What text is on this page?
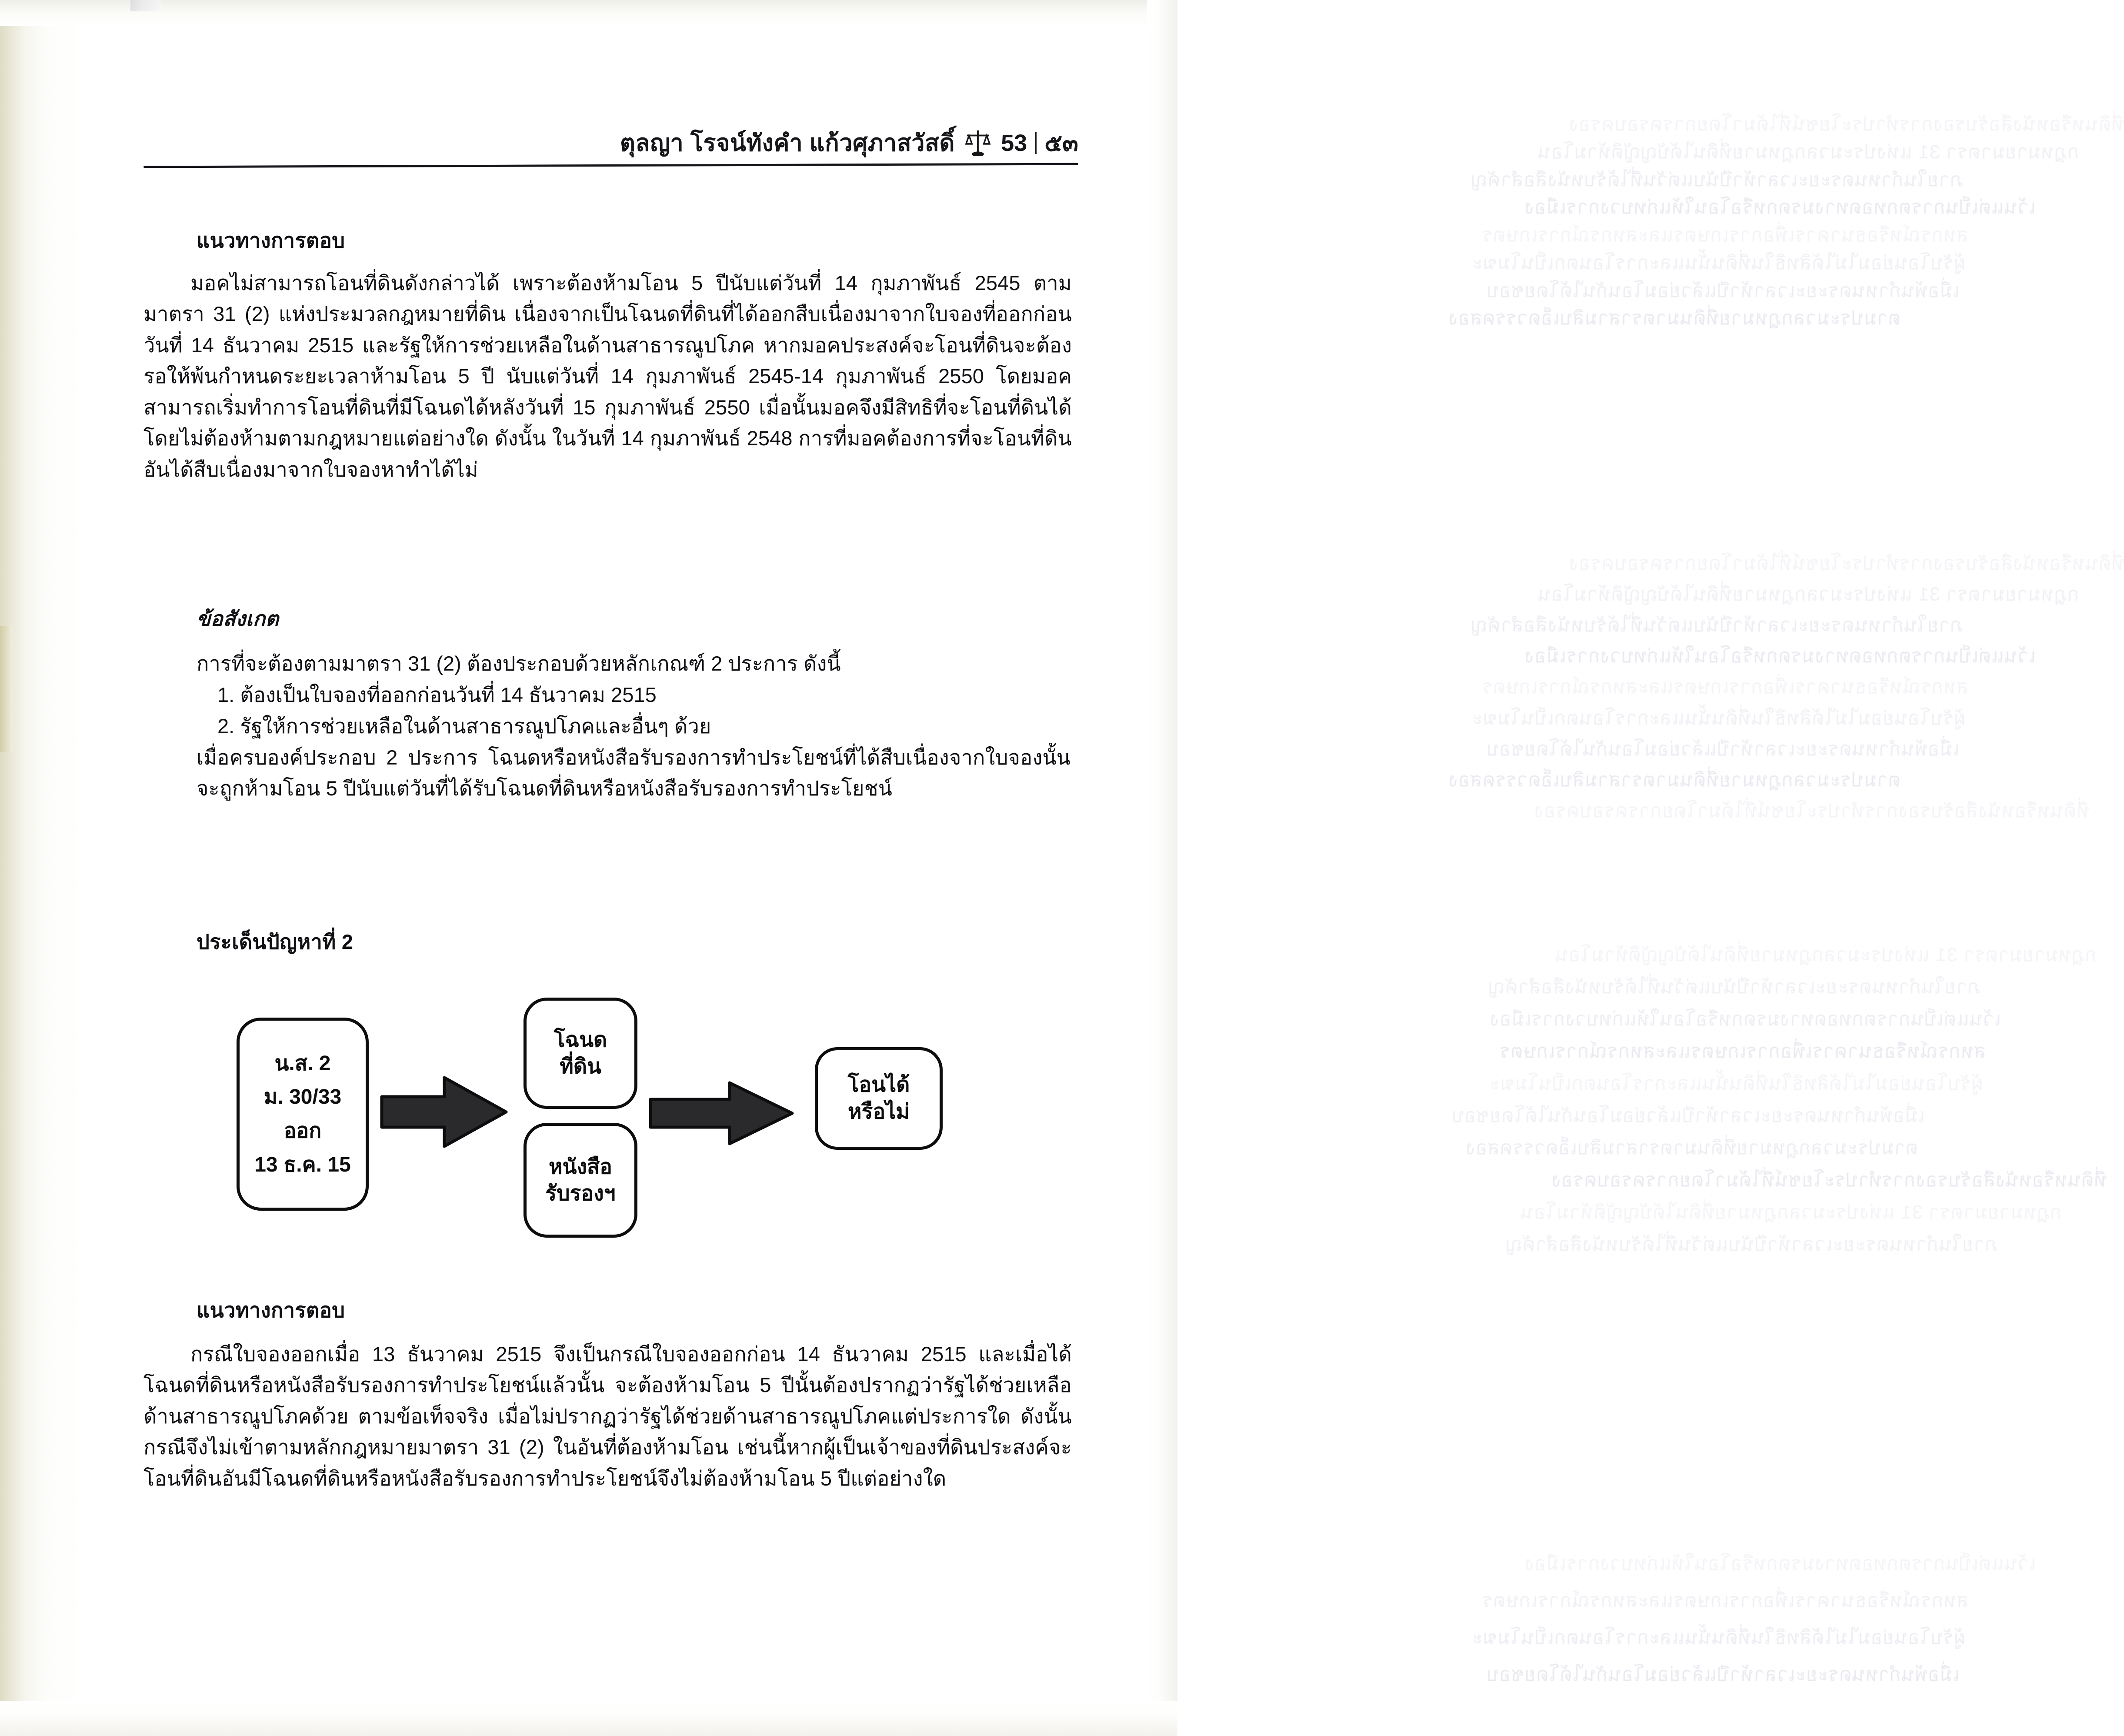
ที่ดินหรือหนังสือรับรองการทำประโยชน์ที่ได้มาโดยการครอบครอง
กฎหมายมาตรา 31 แห่งประมวลกฎหมายที่ดินได้บัญญัติห้ามโอน
ภายในกำหนดระยะเวลาห้าปีนับแต่วันที่ได้รับหนังสือสำคัญ
เว้นแต่เป็นการตกทอดทางมรดกหรือโอนให้แก่ทบวงการเมือง
สหกรณ์หรือธนาคารเพื่อการเกษตรและสหกรณ์การเกษตร
ผู้รับโอนย่อมไม่ได้สิทธิในที่ดินนั้นและการโอนตกเป็นโมฆะ
เมื่อพ้นกำหนดระยะเวลาห้าปีแล้วย่อมโอนกันได้โดยชอบ
ตามประมวลกฎหมายที่ดินมาตราสามสิบเอ็ดวรรคสอง
ที่ดินหรือหนังสือรับรองการทำประโยชน์ที่ได้มาโดยการครอบครอง
กฎหมายมาตรา 31 แห่งประมวลกฎหมายที่ดินได้บัญญัติห้ามโอน
ภายในกำหนดระยะเวลาห้าปีนับแต่วันที่ได้รับหนังสือสำคัญ
เว้นแต่เป็นการตกทอดทางมรดกหรือโอนให้แก่ทบวงการเมือง
สหกรณ์หรือธนาคารเพื่อการเกษตรและสหกรณ์การเกษตร
ผู้รับโอนย่อมไม่ได้สิทธิในที่ดินนั้นและการโอนตกเป็นโมฆะ
เมื่อพ้นกำหนดระยะเวลาห้าปีแล้วย่อมโอนกันได้โดยชอบ
ตามประมวลกฎหมายที่ดินมาตราสามสิบเอ็ดวรรคสอง
ที่ดินหรือหนังสือรับรองการทำประโยชน์ที่ได้มาโดยการครอบครอง
กฎหมายมาตรา 31 แห่งประมวลกฎหมายที่ดินได้บัญญัติห้ามโอน
ภายในกำหนดระยะเวลาห้าปีนับแต่วันที่ได้รับหนังสือสำคัญ
เว้นแต่เป็นการตกทอดทางมรดกหรือโอนให้แก่ทบวงการเมือง
สหกรณ์หรือธนาคารเพื่อการเกษตรและสหกรณ์การเกษตร
ผู้รับโอนย่อมไม่ได้สิทธิในที่ดินนั้นและการโอนตกเป็นโมฆะ
เมื่อพ้นกำหนดระยะเวลาห้าปีแล้วย่อมโอนกันได้โดยชอบ
ตามประมวลกฎหมายที่ดินมาตราสามสิบเอ็ดวรรคสอง
ที่ดินหรือหนังสือรับรองการทำประโยชน์ที่ได้มาโดยการครอบครอง
กฎหมายมาตรา 31 แห่งประมวลกฎหมายที่ดินได้บัญญัติห้ามโอน
ภายในกำหนดระยะเวลาห้าปีนับแต่วันที่ได้รับหนังสือสำคัญ
เว้นแต่เป็นการตกทอดทางมรดกหรือโอนให้แก่ทบวงการเมือง
สหกรณ์หรือธนาคารเพื่อการเกษตรและสหกรณ์การเกษตร
ผู้รับโอนย่อมไม่ได้สิทธิในที่ดินนั้นและการโอนตกเป็นโมฆะ
เมื่อพ้นกำหนดระยะเวลาห้าปีแล้วย่อมโอนกันได้โดยชอบ
ตุลญา โรจน์ทังคำ แก้วศุภาสวัสดิ์ 53 ๕๓
แนวทางการตอบ
มอคไม่สามารถโอนที่ดินดังกล่าวได้ เพราะต้องห้ามโอน 5 ปีนับแต่วันที่ 14 กุมภาพันธ์ 2545 ตามมาตรา 31 (2) แห่งประมวลกฎหมายที่ดิน เนื่องจากเป็นโฉนดที่ดินที่ได้ออกสืบเนื่องมาจากใบจองที่ออกก่อนวันที่ 14 ธันวาคม 2515 และรัฐให้การช่วยเหลือในด้านสาธารณูปโภค หากมอคประสงค์จะโอนที่ดินจะต้องรอให้พ้นกำหนดระยะเวลาห้ามโอน 5 ปี นับแต่วันที่ 14 กุมภาพันธ์ 2545-14 กุมภาพันธ์ 2550 โดยมอคสามารถเริ่มทำการโอนที่ดินที่มีโฉนดได้หลังวันที่ 15 กุมภาพันธ์ 2550 เมื่อนั้นมอคจึงมีสิทธิที่จะโอนที่ดินได้โดยไม่ต้องห้ามตามกฎหมายแต่อย่างใด ดังนั้น ในวันที่ 14 กุมภาพันธ์ 2548 การที่มอคต้องการที่จะโอนที่ดินอันได้สืบเนื่องมาจากใบจองหาทำได้ไม่
ข้อสังเกต
การที่จะต้องตามมาตรา 31 (2) ต้องประกอบด้วยหลักเกณฑ์ 2 ประการ ดังนี้
1. ต้องเป็นใบจองที่ออกก่อนวันที่ 14 ธันวาคม 2515
2. รัฐให้การช่วยเหลือในด้านสาธารณูปโภคและอื่นๆ ด้วย
เมื่อครบองค์ประกอบ 2 ประการ โฉนดหรือหนังสือรับรองการทำประโยชน์ที่ได้สืบเนื่องจากใบจองนั้นจะถูกห้ามโอน 5 ปีนับแต่วันที่ได้รับโฉนดที่ดินหรือหนังสือรับรองการทำประโยชน์
ประเด็นปัญหาที่ 2
น.ส. 2
ม. 30/33
ออก
13 ธ.ค. 15
โฉนด
ที่ดิน
หนังสือ
รับรองฯ
โอนได้
หรือไม่
แนวทางการตอบ
กรณีใบจองออกเมื่อ 13 ธันวาคม 2515 จึงเป็นกรณีใบจองออกก่อน 14 ธันวาคม 2515 และเมื่อได้โฉนดที่ดินหรือหนังสือรับรองการทำประโยชน์แล้วนั้น จะต้องห้ามโอน 5 ปีนั้นต้องปรากฏว่ารัฐได้ช่วยเหลือด้านสาธารณูปโภคด้วย ตามข้อเท็จจริง เมื่อไม่ปรากฏว่ารัฐได้ช่วยด้านสาธารณูปโภคแต่ประการใด ดังนั้น กรณีจึงไม่เข้าตามหลักกฎหมายมาตรา 31 (2) ในอันที่ต้องห้ามโอน เช่นนี้หากผู้เป็นเจ้าของที่ดินประสงค์จะโอนที่ดินอันมีโฉนดที่ดินหรือหนังสือรับรองการทำประโยชน์จึงไม่ต้องห้ามโอน 5 ปีแต่อย่างใด
